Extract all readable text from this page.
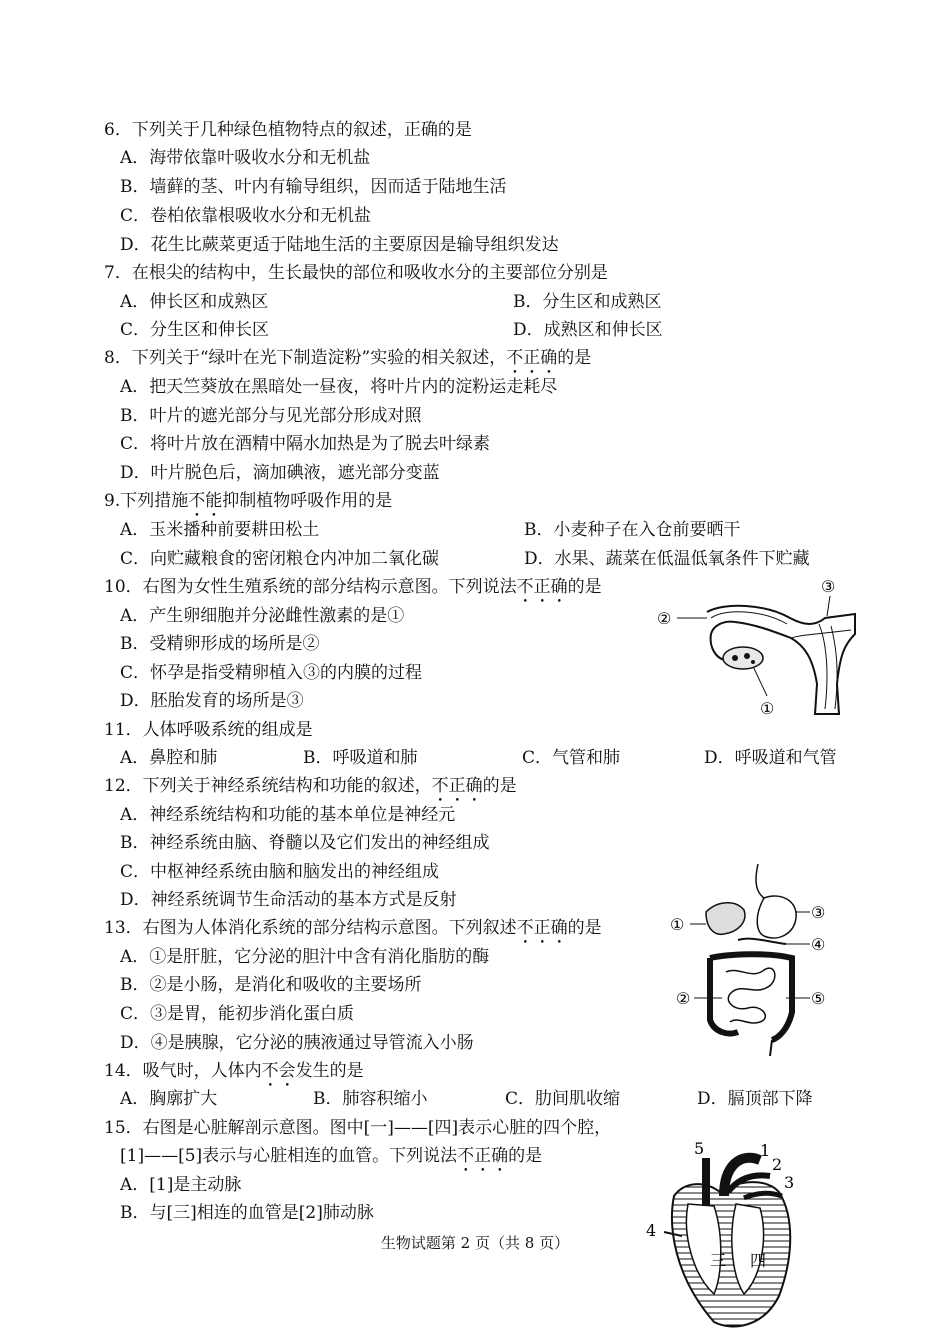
6．下列关于几种绿色植物特点的叙述，正确的是
A．海带依靠叶吸收水分和无机盐
B．墙藓的茎、叶内有输导组织，因而适于陆地生活
C．卷柏依靠根吸收水分和无机盐
D．花生比蕨菜更适于陆地生活的主要原因是输导组织发达
7．在根尖的结构中，生长最快的部位和吸收水分的主要部位分别是
A．伸长区和成熟区	B．分生区和成熟区
C．分生区和伸长区	D．成熟区和伸长区
8．下列关于“绿叶在光下制造淀粉”实验的相关叙述，不正确的是
A．把天竺葵放在黑暗处一昼夜，将叶片内的淀粉运走耗尽
B．叶片的遮光部分与见光部分形成对照
C．将叶片放在酒精中隔水加热是为了脱去叶绿素
D．叶片脱色后，滴加碘液，遮光部分变蓝
9.下列措施不能抑制植物呼吸作用的是
A．玉米播种前要耕田松土	B．小麦种子在入仓前要晒干
C．向贮藏粮食的密闭粮仓内冲加二氧化碳	D．水果、蔬菜在低温低氧条件下贮藏
10．右图为女性生殖系统的部分结构示意图。下列说法不正确的是
A．产生卵细胞并分泌雌性激素的是①
B．受精卵形成的场所是②
C．怀孕是指受精卵植入③的内膜的过程
D．胚胎发育的场所是③
③
②
①
11．人体呼吸系统的组成是
A．鼻腔和肺	B．呼吸道和肺	C．气管和肺	D．呼吸道和气管
12．下列关于神经系统结构和功能的叙述，不正确的是
A．神经系统结构和功能的基本单位是神经元
B．神经系统由脑、脊髓以及它们发出的神经组成
C．中枢神经系统由脑和脑发出的神经组成
D．神经系统调节生命活动的基本方式是反射
13．右图为人体消化系统的部分结构示意图。下列叙述不正确的是
A．①是肝脏，它分泌的胆汁中含有消化脂肪的酶
B．②是小肠，是消化和吸收的主要场所
C．③是胃，能初步消化蛋白质
D．④是胰腺，它分泌的胰液通过导管流入小肠
①
③
④
②	⑤
14．吸气时，人体内不会发生的是
A．胸廓扩大	B．肺容积缩小	C．肋间肌收缩	D．膈顶部下降
15．右图是心脏解剖示意图。图中[一]——[四]表示心脏的四个腔，
[1]——[5]表示与心脏相连的血管。下列说法不正确的是
A．[1]是主动脉
B．与[三]相连的血管是[2]肺动脉
5	1
2
3
4
三 四
生物试题第 2 页（共 8 页）
